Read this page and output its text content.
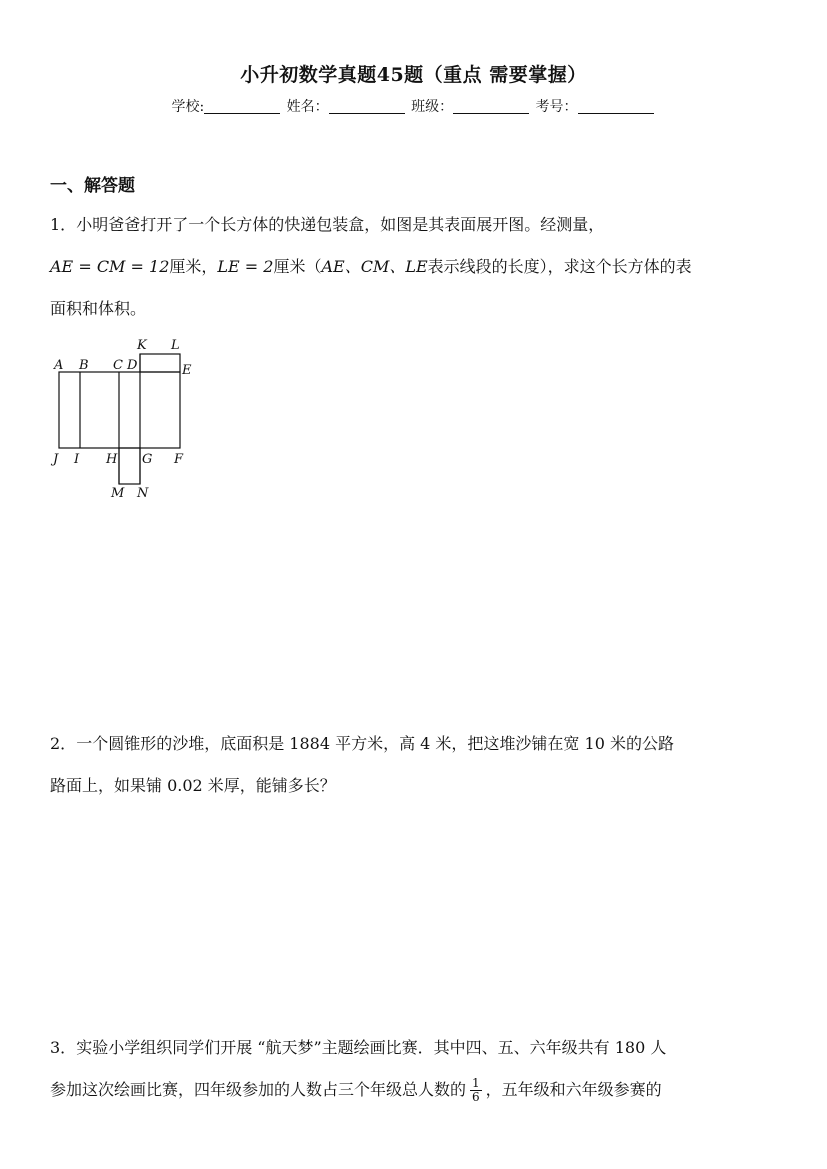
小升初数学真题45题（重点 需要掌握）
学校:	姓名：	班级：	考号：
一、解答题
1．小明爸爸打开了一个长方体的快递包装盒，如图是其表面展开图。经测量，
AE = CM = 12厘米，LE = 2厘米（AE、CM、LE表示线段的长度），求这个长方体的表
面积和体积。
A B C D
K L
E
J I H G F
M N
2．一个圆锥形的沙堆，底面积是 1884 平方米，高 4 米，把这堆沙铺在宽 10 米的公路
路面上，如果铺 0.02 米厚，能铺多长？
3．实验小学组织同学们开展 “航天梦”主题绘画比赛．其中四、五、六年级共有 180 人
参加这次绘画比赛，四年级参加的人数占三个年级总人数的 $\frac{1}{6}$ ，五年级和六年级参赛的
